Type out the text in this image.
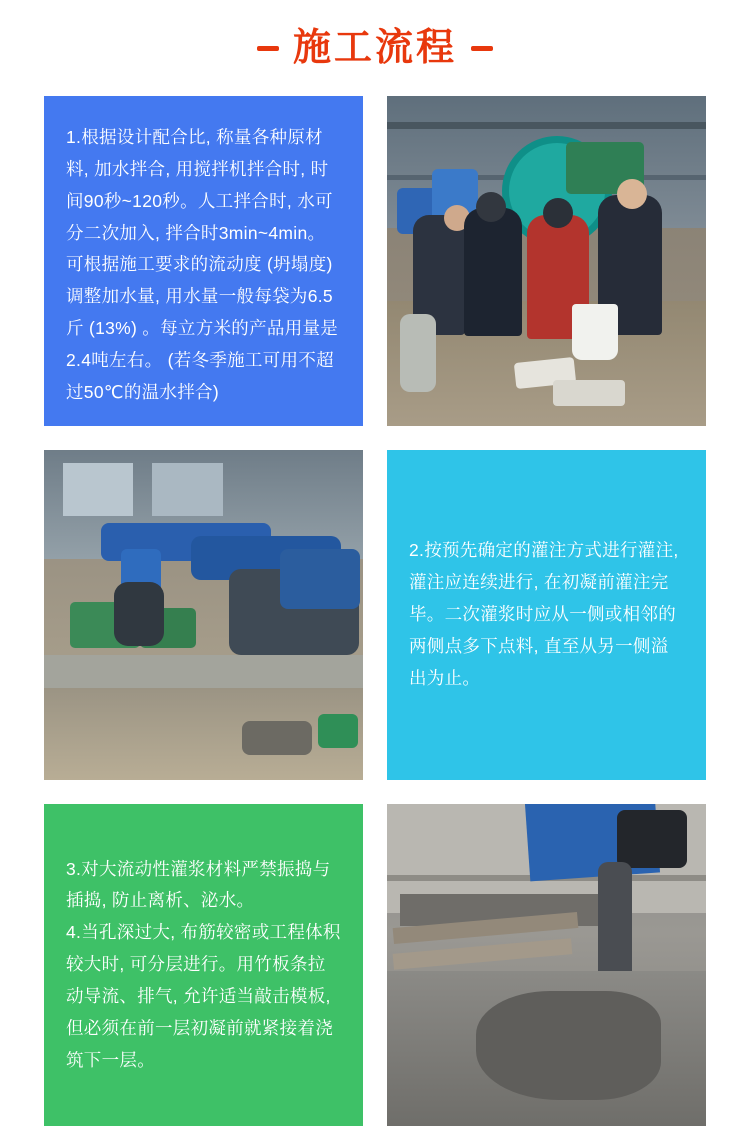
施工流程

1.根据设计配合比, 称量各种原材料, 加水拌合, 用搅拌机拌合时, 时间90秒~120秒。人工拌合时, 水可分二次加入, 拌合时3min~4min。可根据施工要求的流动度 (坍塌度) 调整加水量, 用水量一般每袋为6.5斤 (13%) 。每立方米的产品用量是2.4吨左右。 (若冬季施工可用不超过50℃的温水拌合)

2.按预先确定的灌注方式进行灌注, 灌注应连续进行, 在初凝前灌注完毕。二次灌浆时应从一侧或相邻的两侧点多下点料, 直至从另一侧溢出为止。

3.对大流动性灌浆材料严禁振捣与插捣, 防止离析、泌水。

4.当孔深过大, 布筋较密或工程体积较大时, 可分层进行。用竹板条拉动导流、排气, 允许适当敲击模板, 但必须在前一层初凝前就紧接着浇筑下一层。
